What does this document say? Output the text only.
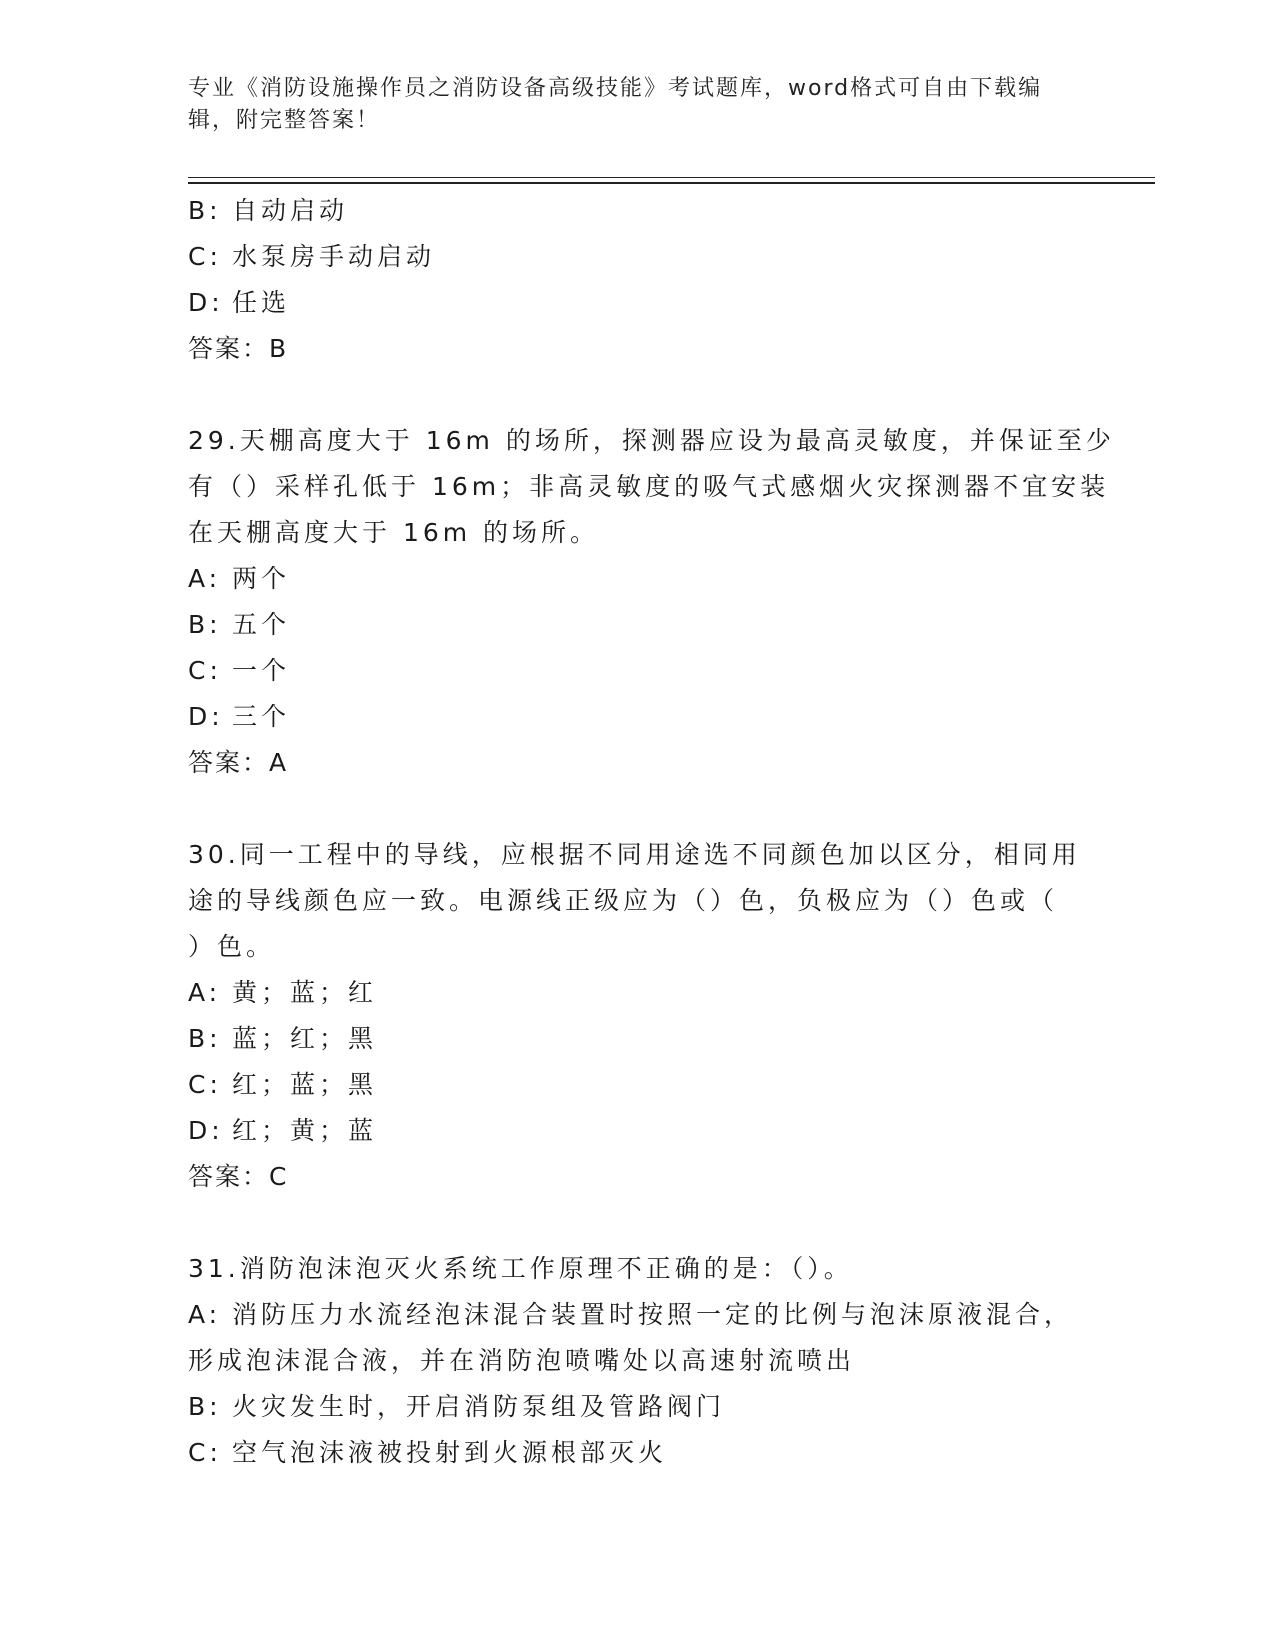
专业《消防设施操作员之消防设备高级技能》考试题库，word格式可自由下载编辑，附完整答案！
B: 自动启动
C: 水泵房手动启动
D: 任选
答案：B
29.天棚高度大于 16m 的场所，探测器应设为最高灵敏度，并保证至少
有（）采样孔低于 16m；非高灵敏度的吸气式感烟火灾探测器不宜安装
在天棚高度大于 16m 的场所。
A: 两个
B: 五个
C: 一个
D: 三个
答案：A
30.同一工程中的导线，应根据不同用途选不同颜色加以区分，相同用
途的导线颜色应一致。电源线正级应为（）色，负极应为（）色或（
）色。
A: 黄；蓝；红
B: 蓝；红；黑
C: 红；蓝；黑
D: 红；黄；蓝
答案：C
31.消防泡沫泡灭火系统工作原理不正确的是：（）。
A: 消防压力水流经泡沫混合装置时按照一定的比例与泡沫原液混合，
形成泡沫混合液，并在消防泡喷嘴处以高速射流喷出
B: 火灾发生时，开启消防泵组及管路阀门
C: 空气泡沫液被投射到火源根部灭火
